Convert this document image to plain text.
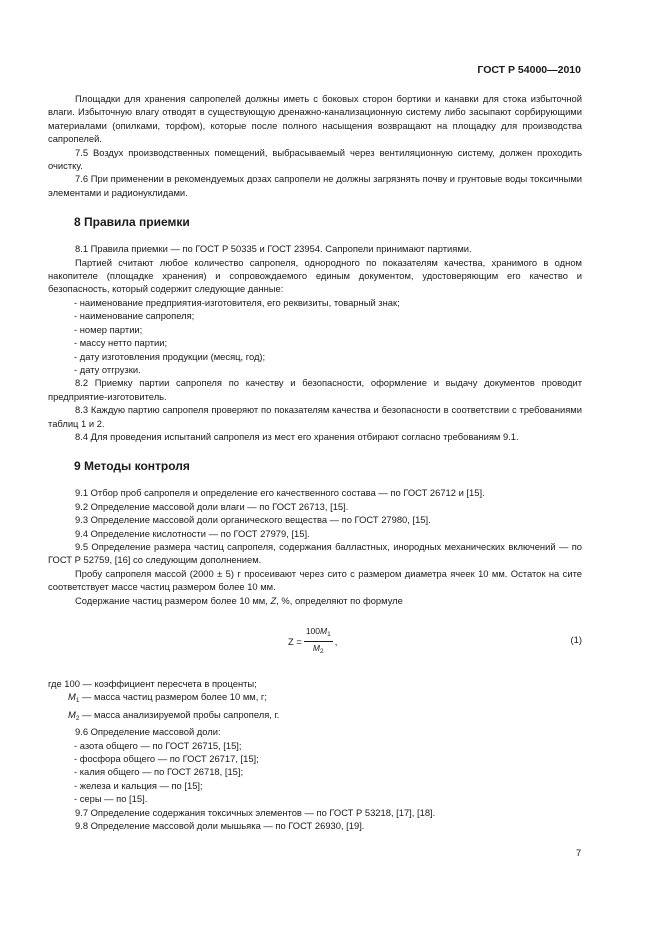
ГОСТ Р 54000—2010

Площадки для хранения сапропелей должны иметь с боковых сторон бортики и канавки для стока избыточной влаги. Избыточную влагу отводят в существующую дренажно-канализационную систему либо засыпают сорбирующими материалами (опилками, торфом), которые после полного насыщения возвращают на площадку для производства сапропелей.

7.5 Воздух производственных помещений, выбрасываемый через вентиляционную систему, должен проходить очистку.

7.6 При применении в рекомендуемых дозах сапропели не должны загрязнять почву и грунтовые воды токсичными элементами и радионуклидами.

8 Правила приемки

8.1 Правила приемки — по ГОСТ Р 50335 и ГОСТ 23954. Сапропели принимают партиями.

Партией считают любое количество сапропеля, однородного по показателям качества, хранимого в одном накопителе (площадке хранения) и сопровождаемого единым документом, удостоверяющим его качество и безопасность, который содержит следующие данные:

- наименование предприятия-изготовителя, его реквизиты, товарный знак;

- наименование сапропеля;

- номер партии;

- массу нетто партии;

- дату изготовления продукции (месяц, год);

- дату отгрузки.

8.2 Приемку партии сапропеля по качеству и безопасности, оформление и выдачу документов проводит предприятие-изготовитель.

8.3 Каждую партию сапропеля проверяют по показателям качества и безопасности в соответствии с требованиями таблиц 1 и 2.

8.4 Для проведения испытаний сапропеля из мест его хранения отбирают согласно требованиям 9.1.

9 Методы контроля

9.1 Отбор проб сапропеля и определение его качественного состава — по ГОСТ 26712 и [15].

9.2 Определение массовой доли влаги — по ГОСТ 26713, [15].

9.3 Определение массовой доли органического вещества — по ГОСТ 27980, [15].

9.4 Определение кислотности — по ГОСТ 27979, [15].

9.5 Определение размера частиц сапропеля, содержания балластных, инородных механических включений — по ГОСТ Р 52759, [16] со следующим дополнением.

Пробу сапропеля массой (2000 ± 5) г просеивают через сито с размером диаметра ячеек 10 мм. Остаток на сите соответствует массе частиц размером более 10 мм.

Содержание частиц размером более 10 мм, Z, %, определяют по формуле

$Z = \frac{100M_1}{M_2}$ ,	(1)

где 100 — коэффициент пересчета в проценты;

$M_1$ — масса частиц размером более 10 мм, г;

$M_2$ — масса анализируемой пробы сапропеля, г.

9.6 Определение массовой доли:

- азота общего — по ГОСТ 26715, [15];

- фосфора общего — по ГОСТ 26717, [15];

- калия общего — по ГОСТ 26718, [15];

- железа и кальция — по [15];

- серы — по [15].

9.7 Определение содержания токсичных элементов — по ГОСТ Р 53218, [17], [18].

9.8 Определение массовой доли мышьяка — по ГОСТ 26930, [19].

7
